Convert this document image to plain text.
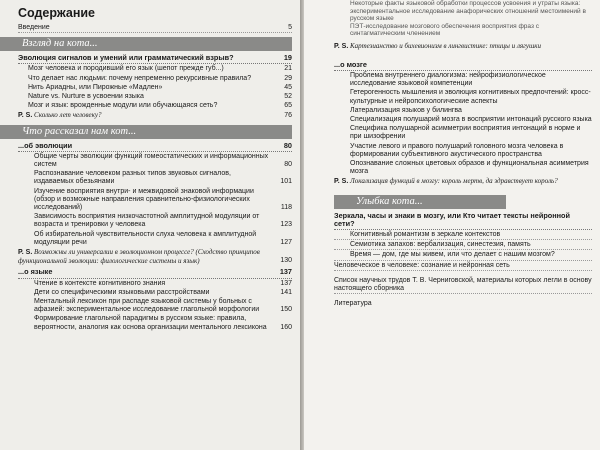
Содержание
Введение	5
Взгляд на кота...
Эволюция сигналов и умений или грамматический взрыв?	19
Мозг человека и породивший его язык (шепот прежде губ...)	21
Что делает нас людьми: почему непременно рекурсивные правила?	29
Нить Ариадны, или Пирожные «Мадлен»	45
Nature vs. Nurture в усвоении языка	52
Мозг и язык: врожденные модули или обучающаяся сеть?	65
P. S. Сколько лет человеку?	76
Что рассказал нам кот...
...об эволюции	80
Общие черты эволюции функций гомеостатических и информационных систем	80
Распознавание человеком разных типов звуковых сигналов, издаваемых обезьянами	101
Изучение восприятия внутри- и межвидовой знаковой информации (обзор и возможные направления сравнительно-физиологических исследований)	118
Зависимость восприятия низкочастотной амплитудной модуляции от возраста и тренировки у человека	123
Об избирательной чувствительности слуха человека к амплитудной модуляции речи	127
P. S. Возможны ли универсалии в эволюционном процессе? (Сходство принципов функциональной эволюции: филологические системы и язык)	130
...о языке	137
Чтение в контексте когнитивного знания	137
Дети со специфическими языковыми расстройствами	141
Ментальный лексикон при распаде языковой системы у больных с афазией: экспериментальное исследование глагольной морфологии	150
Формирование глагольной парадигмы в русском языке: правила, вероятности, аналогия как основа организации ментального лексикона	160
Некоторые факты языковой обработки процессов усвоения и утраты языка: экспериментальное исследование анафорических отношений местоимений в русском языке
ПЭТ-исследование мозгового обеспечения восприятия фраз с синтагматическим членением
P. S. Картезианство и бихевионизм в лингвистике: птицы и лягушки
...о мозге
Проблема внутреннего диалогизма: нейрофизиологическое исследование языковой компетенции
Гетерогенность мышления и эволюция когнитивных предпочтений: кросс-культурные и нейропсихологические аспекты
Латерализация языков у билингва
Специализация полушарий мозга в восприятии интонаций русского языка
Специфика полушарной асимметрии восприятия интонаций в норме и при шизофрении
Участие левого и правого полушарий головного мозга человека в формировании субъективного акустического пространства
Опознавание сложных цветовых образов и функциональная асимметрия мозга
P. S. Локализация функций в мозгу: король мертв, да здравствует король?
Улыбка кота...
Зеркала, часы и знаки в мозгу, или Кто читает тексты нейронной сети?
Когнитивный романтизм в зеркале контекстов
Семиотика запахов: вербализация, синестезия, память
Время — дом, где мы живем, или что делает с нашим мозгом?
Человеческое в человеке: сознание и нейронная сеть
Список научных трудов Т. В. Черниговской, материалы которых легли в основу настоящего сборника
Литература
